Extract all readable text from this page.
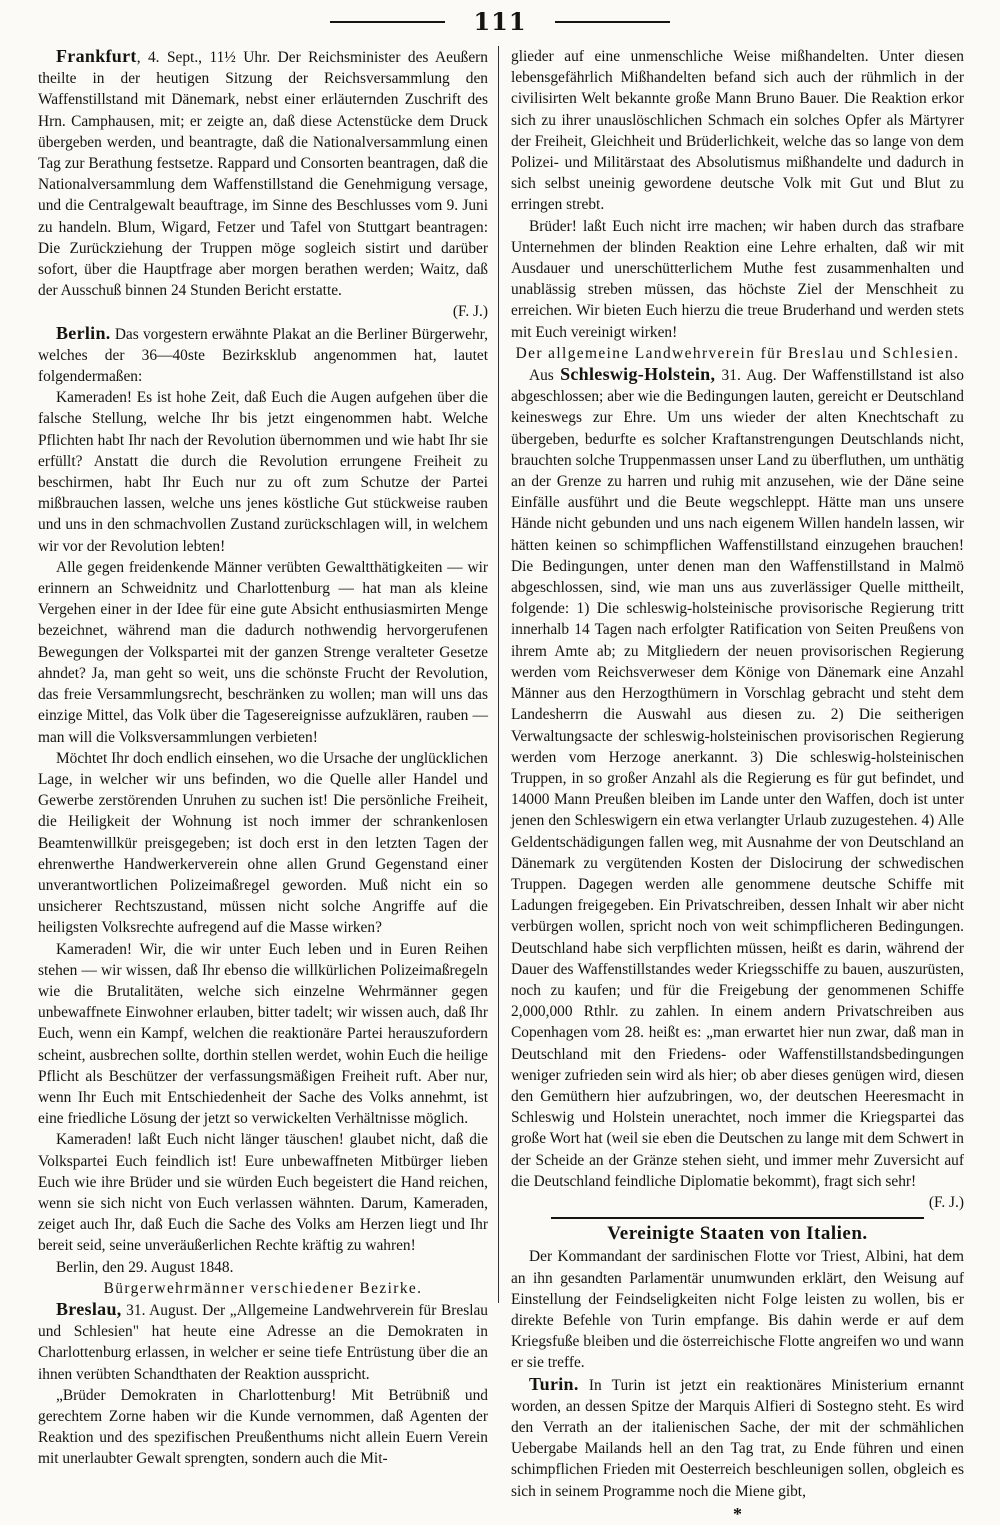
111

Frankfurt, 4. Sept., 11½ Uhr. Der Reichsminister des Aeußern theilte in der heutigen Sitzung der Reichsversammlung den Waffenstillstand mit Dänemark, nebst einer erläuternden Zuschrift des Hrn. Camphausen, mit; er zeigte an, daß diese Actenstücke dem Druck übergeben werden, und beantragte, daß die Nationalversammlung einen Tag zur Berathung festsetze. Rappard und Consorten beantragen, daß die Nationalversammlung dem Waffenstillstand die Genehmigung versage, und die Centralgewalt beauftrage, im Sinne des Beschlusses vom 9. Juni zu handeln. Blum, Wigard, Fetzer und Tafel von Stuttgart beantragen: Die Zurückziehung der Truppen möge sogleich sistirt und darüber sofort, über die Hauptfrage aber morgen berathen werden; Waitz, daß der Ausschuß binnen 24 Stunden Bericht erstatte.

(F. J.)

Berlin. Das vorgestern erwähnte Plakat an die Berliner Bürgerwehr, welches der 36—40ste Bezirksklub angenommen hat, lautet folgendermaßen:

Kameraden! Es ist hohe Zeit, daß Euch die Augen aufgehen über die falsche Stellung, welche Ihr bis jetzt eingenommen habt. Welche Pflichten habt Ihr nach der Revolution übernommen und wie habt Ihr sie erfüllt? Anstatt die durch die Revolution errungene Freiheit zu beschirmen, habt Ihr Euch nur zu oft zum Schutze der Partei mißbrauchen lassen, welche uns jenes köstliche Gut stückweise rauben und uns in den schmachvollen Zustand zurückschlagen will, in welchem wir vor der Revolution lebten!

Alle gegen freidenkende Männer verübten Gewaltthätigkeiten — wir erinnern an Schweidnitz und Charlottenburg — hat man als kleine Vergehen einer in der Idee für eine gute Absicht enthusiasmirten Menge bezeichnet, während man die dadurch nothwendig hervorgerufenen Bewegungen der Volkspartei mit der ganzen Strenge veralteter Gesetze ahndet? Ja, man geht so weit, uns die schönste Frucht der Revolution, das freie Versammlungsrecht, beschränken zu wollen; man will uns das einzige Mittel, das Volk über die Tagesereignisse aufzuklären, rauben — man will die Volksversammlungen verbieten!

Möchtet Ihr doch endlich einsehen, wo die Ursache der unglücklichen Lage, in welcher wir uns befinden, wo die Quelle aller Handel und Gewerbe zerstörenden Unruhen zu suchen ist! Die persönliche Freiheit, die Heiligkeit der Wohnung ist noch immer der schrankenlosen Beamtenwillkür preisgegeben; ist doch erst in den letzten Tagen der ehrenwerthe Handwerkerverein ohne allen Grund Gegenstand einer unverantwortlichen Polizeimaßregel geworden. Muß nicht ein so unsicherer Rechtszustand, müssen nicht solche Angriffe auf die heiligsten Volksrechte aufregend auf die Masse wirken?

Kameraden! Wir, die wir unter Euch leben und in Euren Reihen stehen — wir wissen, daß Ihr ebenso die willkürlichen Polizeimaßregeln wie die Brutalitäten, welche sich einzelne Wehrmänner gegen unbewaffnete Einwohner erlauben, bitter tadelt; wir wissen auch, daß Ihr Euch, wenn ein Kampf, welchen die reaktionäre Partei herauszufordern scheint, ausbrechen sollte, dorthin stellen werdet, wohin Euch die heilige Pflicht als Beschützer der verfassungsmäßigen Freiheit ruft. Aber nur, wenn Ihr Euch mit Entschiedenheit der Sache des Volks annehmt, ist eine friedliche Lösung der jetzt so verwickelten Verhältnisse möglich.

Kameraden! laßt Euch nicht länger täuschen! glaubet nicht, daß die Volkspartei Euch feindlich ist! Eure unbewaffneten Mitbürger lieben Euch wie ihre Brüder und sie würden Euch begeistert die Hand reichen, wenn sie sich nicht von Euch verlassen wähnten. Darum, Kameraden, zeiget auch Ihr, daß Euch die Sache des Volks am Herzen liegt und Ihr bereit seid, seine unveräußerlichen Rechte kräftig zu wahren!

Berlin, den 29. August 1848.

Bürgerwehrmänner verschiedener Bezirke.

Breslau, 31. August. Der „Allgemeine Landwehrverein für Breslau und Schlesien" hat heute eine Adresse an die Demokraten in Charlottenburg erlassen, in welcher er seine tiefe Entrüstung über die an ihnen verübten Schandthaten der Reaktion ausspricht.

„Brüder Demokraten in Charlottenburg! Mit Betrübniß und gerechtem Zorne haben wir die Kunde vernommen, daß Agenten der Reaktion und des spezifischen Preußenthums nicht allein Euern Verein mit unerlaubter Gewalt sprengten, sondern auch die Mit-

glieder auf eine unmenschliche Weise mißhandelten. Unter diesen lebensgefährlich Mißhandelten befand sich auch der rühmlich in der civilisirten Welt bekannte große Mann Bruno Bauer. Die Reaktion erkor sich zu ihrer unauslöschlichen Schmach ein solches Opfer als Märtyrer der Freiheit, Gleichheit und Brüderlichkeit, welche das so lange von dem Polizei- und Militärstaat des Absolutismus mißhandelte und dadurch in sich selbst uneinig gewordene deutsche Volk mit Gut und Blut zu erringen strebt.

Brüder! laßt Euch nicht irre machen; wir haben durch das strafbare Unternehmen der blinden Reaktion eine Lehre erhalten, daß wir mit Ausdauer und unerschütterlichem Muthe fest zusammenhalten und unablässig streben müssen, das höchste Ziel der Menschheit zu erreichen. Wir bieten Euch hierzu die treue Bruderhand und werden stets mit Euch vereinigt wirken!

Der allgemeine Landwehrverein für Breslau und Schlesien.

Aus Schleswig-Holstein, 31. Aug. Der Waffenstillstand ist also abgeschlossen; aber wie die Bedingungen lauten, gereicht er Deutschland keineswegs zur Ehre. Um uns wieder der alten Knechtschaft zu übergeben, bedurfte es solcher Kraftanstrengungen Deutschlands nicht, brauchten solche Truppenmassen unser Land zu überfluthen, um unthätig an der Grenze zu harren und ruhig mit anzusehen, wie der Däne seine Einfälle ausführt und die Beute wegschleppt. Hätte man uns unsere Hände nicht gebunden und uns nach eigenem Willen handeln lassen, wir hätten keinen so schimpflichen Waffenstillstand einzugehen brauchen! Die Bedingungen, unter denen man den Waffenstillstand in Malmö abgeschlossen, sind, wie man uns aus zuverlässiger Quelle mittheilt, folgende: 1) Die schleswig-holsteinische provisorische Regierung tritt innerhalb 14 Tagen nach erfolgter Ratification von Seiten Preußens von ihrem Amte ab; zu Mitgliedern der neuen provisorischen Regierung werden vom Reichsverweser dem Könige von Dänemark eine Anzahl Männer aus den Herzogthümern in Vorschlag gebracht und steht dem Landesherrn die Auswahl aus diesen zu. 2) Die seitherigen Verwaltungsacte der schleswig-holsteinischen provisorischen Regierung werden vom Herzoge anerkannt. 3) Die schleswig-holsteinischen Truppen, in so großer Anzahl als die Regierung es für gut befindet, und 14000 Mann Preußen bleiben im Lande unter den Waffen, doch ist unter jenen den Schleswigern ein etwa verlangter Urlaub zuzugestehen. 4) Alle Geldentschädigungen fallen weg, mit Ausnahme der von Deutschland an Dänemark zu vergütenden Kosten der Dislocirung der schwedischen Truppen. Dagegen werden alle genommene deutsche Schiffe mit Ladungen freigegeben. Ein Privatschreiben, dessen Inhalt wir aber nicht verbürgen wollen, spricht noch von weit schimpflicheren Bedingungen. Deutschland habe sich verpflichten müssen, heißt es darin, während der Dauer des Waffenstillstandes weder Kriegsschiffe zu bauen, auszurüsten, noch zu kaufen; und für die Freigebung der genommenen Schiffe 2,000,000 Rthlr. zu zahlen. In einem andern Privatschreiben aus Copenhagen vom 28. heißt es: „man erwartet hier nun zwar, daß man in Deutschland mit den Friedens- oder Waffenstillstandsbedingungen weniger zufrieden sein wird als hier; ob aber dieses genügen wird, diesen den Gemüthern hier aufzubringen, wo, der deutschen Heeresmacht in Schleswig und Holstein unerachtet, noch immer die Kriegspartei das große Wort hat (weil sie eben die Deutschen zu lange mit dem Schwert in der Scheide an der Gränze stehen sieht, und immer mehr Zuversicht auf die Deutschland feindliche Diplomatie bekommt), fragt sich sehr!

(F. J.)

Vereinigte Staaten von Italien.

Der Kommandant der sardinischen Flotte vor Triest, Albini, hat dem an ihn gesandten Parlamentär unumwunden erklärt, den Weisung auf Einstellung der Feindseligkeiten nicht Folge leisten zu wollen, bis er direkte Befehle von Turin empfange. Bis dahin werde er auf dem Kriegsfuße bleiben und die österreichische Flotte angreifen wo und wann er sie treffe.

Turin. In Turin ist jetzt ein reaktionäres Ministerium ernannt worden, an dessen Spitze der Marquis Alfieri di Sostegno steht. Es wird den Verrath an der italienischen Sache, der mit der schmählichen Uebergabe Mailands hell an den Tag trat, zu Ende führen und einen schimpflichen Frieden mit Oesterreich beschleunigen sollen, obgleich es sich in seinem Programme noch die Miene gibt,

*
